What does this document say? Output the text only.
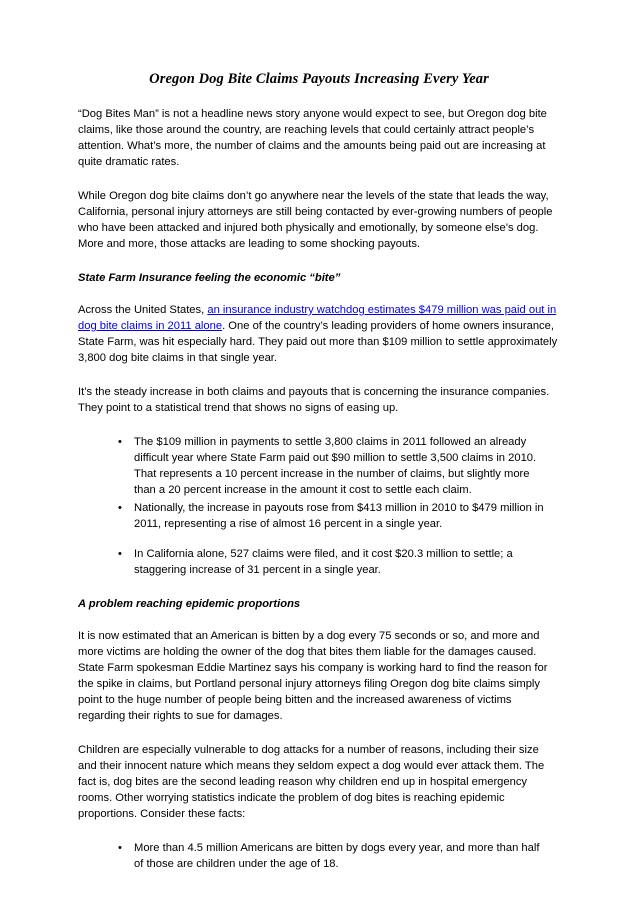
Oregon Dog Bite Claims Payouts Increasing Every Year

“Dog Bites Man” is not a headline news story anyone would expect to see, but Oregon dog bite claims, like those around the country, are reaching levels that could certainly attract people’s attention. What’s more, the number of claims and the amounts being paid out are increasing at quite dramatic rates.

While Oregon dog bite claims don’t go anywhere near the levels of the state that leads the way, California, personal injury attorneys are still being contacted by ever-growing numbers of people who have been attacked and injured both physically and emotionally, by someone else’s dog. More and more, those attacks are leading to some shocking payouts.

State Farm Insurance feeling the economic “bite”

Across the United States, an insurance industry watchdog estimates $479 million was paid out in dog bite claims in 2011 alone. One of the country’s leading providers of home owners insurance, State Farm, was hit especially hard. They paid out more than $109 million to settle approximately 3,800 dog bite claims in that single year.

It’s the steady increase in both claims and payouts that is concerning the insurance companies. They point to a statistical trend that shows no signs of easing up.

• The $109 million in payments to settle 3,800 claims in 2011 followed an already difficult year where State Farm paid out $90 million to settle 3,500 claims in 2010. That represents a 10 percent increase in the number of claims, but slightly more than a 20 percent increase in the amount it cost to settle each claim.
• Nationally, the increase in payouts rose from $413 million in 2010 to $479 million in 2011, representing a rise of almost 16 percent in a single year.
• In California alone, 527 claims were filed, and it cost $20.3 million to settle; a staggering increase of 31 percent in a single year.

A problem reaching epidemic proportions

It is now estimated that an American is bitten by a dog every 75 seconds or so, and more and more victims are holding the owner of the dog that bites them liable for the damages caused. State Farm spokesman Eddie Martinez says his company is working hard to find the reason for the spike in claims, but Portland personal injury attorneys filing Oregon dog bite claims simply point to the huge number of people being bitten and the increased awareness of victims regarding their rights to sue for damages.

Children are especially vulnerable to dog attacks for a number of reasons, including their size and their innocent nature which means they seldom expect a dog would ever attack them. The fact is, dog bites are the second leading reason why children end up in hospital emergency rooms. Other worrying statistics indicate the problem of dog bites is reaching epidemic proportions. Consider these facts:

• More than 4.5 million Americans are bitten by dogs every year, and more than half of those are children under the age of 18.
